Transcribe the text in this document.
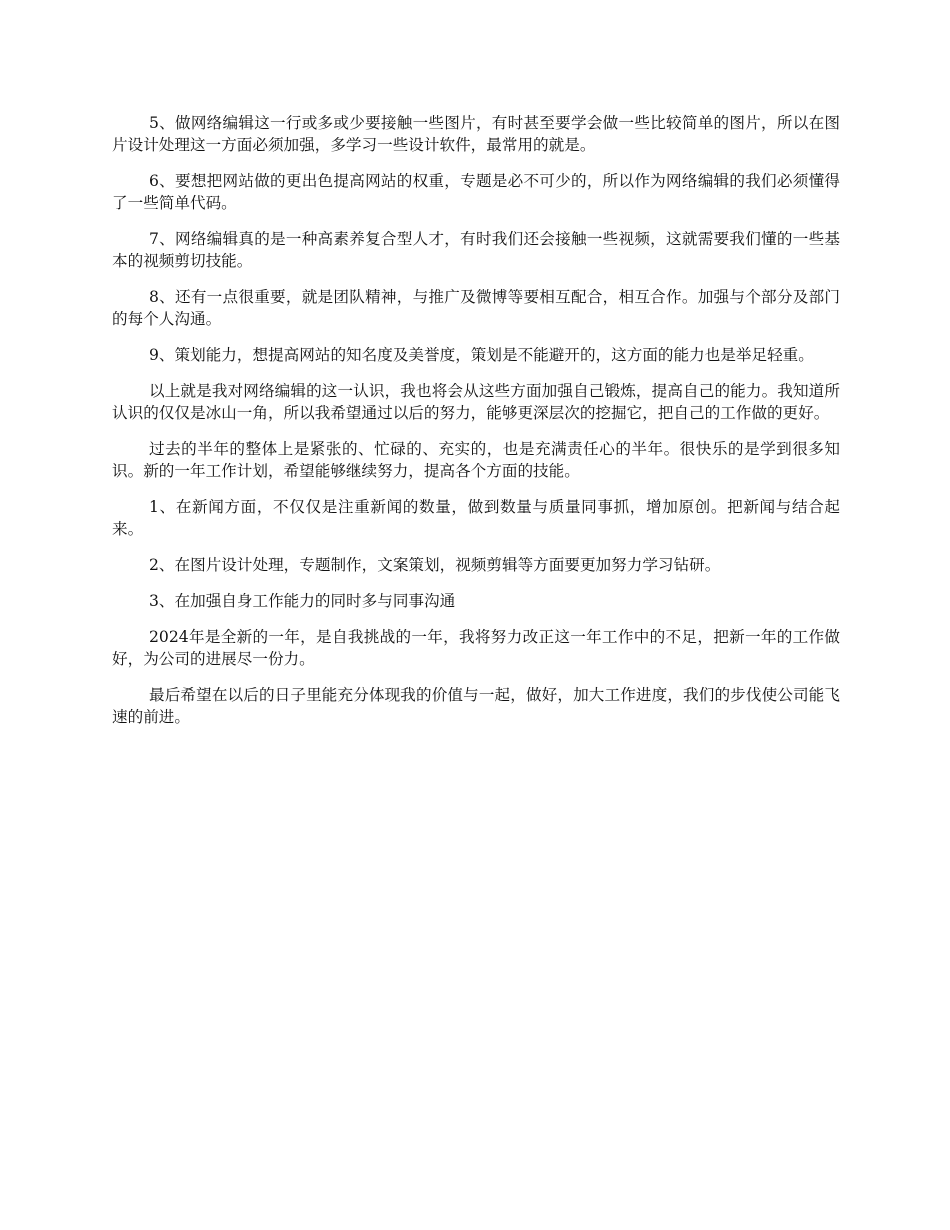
5、做网络编辑这一行或多或少要接触一些图片，有时甚至要学会做一些比较简单的图片，所以在图片设计处理这一方面必须加强，多学习一些设计软件，最常用的就是。

6、要想把网站做的更出色提高网站的权重，专题是必不可少的，所以作为网络编辑的我们必须懂得了一些简单代码。

7、网络编辑真的是一种高素养复合型人才，有时我们还会接触一些视频，这就需要我们懂的一些基本的视频剪切技能。

8、还有一点很重要，就是团队精神，与推广及微博等要相互配合，相互合作。加强与个部分及部门的每个人沟通。

9、策划能力，想提高网站的知名度及美誉度，策划是不能避开的，这方面的能力也是举足轻重。

以上就是我对网络编辑的这一认识，我也将会从这些方面加强自己锻炼，提高自己的能力。我知道所认识的仅仅是冰山一角，所以我希望通过以后的努力，能够更深层次的挖掘它，把自己的工作做的更好。

过去的半年的整体上是紧张的、忙碌的、充实的，也是充满责任心的半年。很快乐的是学到很多知识。新的一年工作计划，希望能够继续努力，提高各个方面的技能。

1、在新闻方面，不仅仅是注重新闻的数量，做到数量与质量同事抓，增加原创。把新闻与结合起来。

2、在图片设计处理，专题制作，文案策划，视频剪辑等方面要更加努力学习钻研。

3、在加强自身工作能力的同时多与同事沟通

2024年是全新的一年，是自我挑战的一年，我将努力改正这一年工作中的不足，把新一年的工作做好，为公司的进展尽一份力。

最后希望在以后的日子里能充分体现我的价值与一起，做好，加大工作进度，我们的步伐使公司能飞速的前进。
